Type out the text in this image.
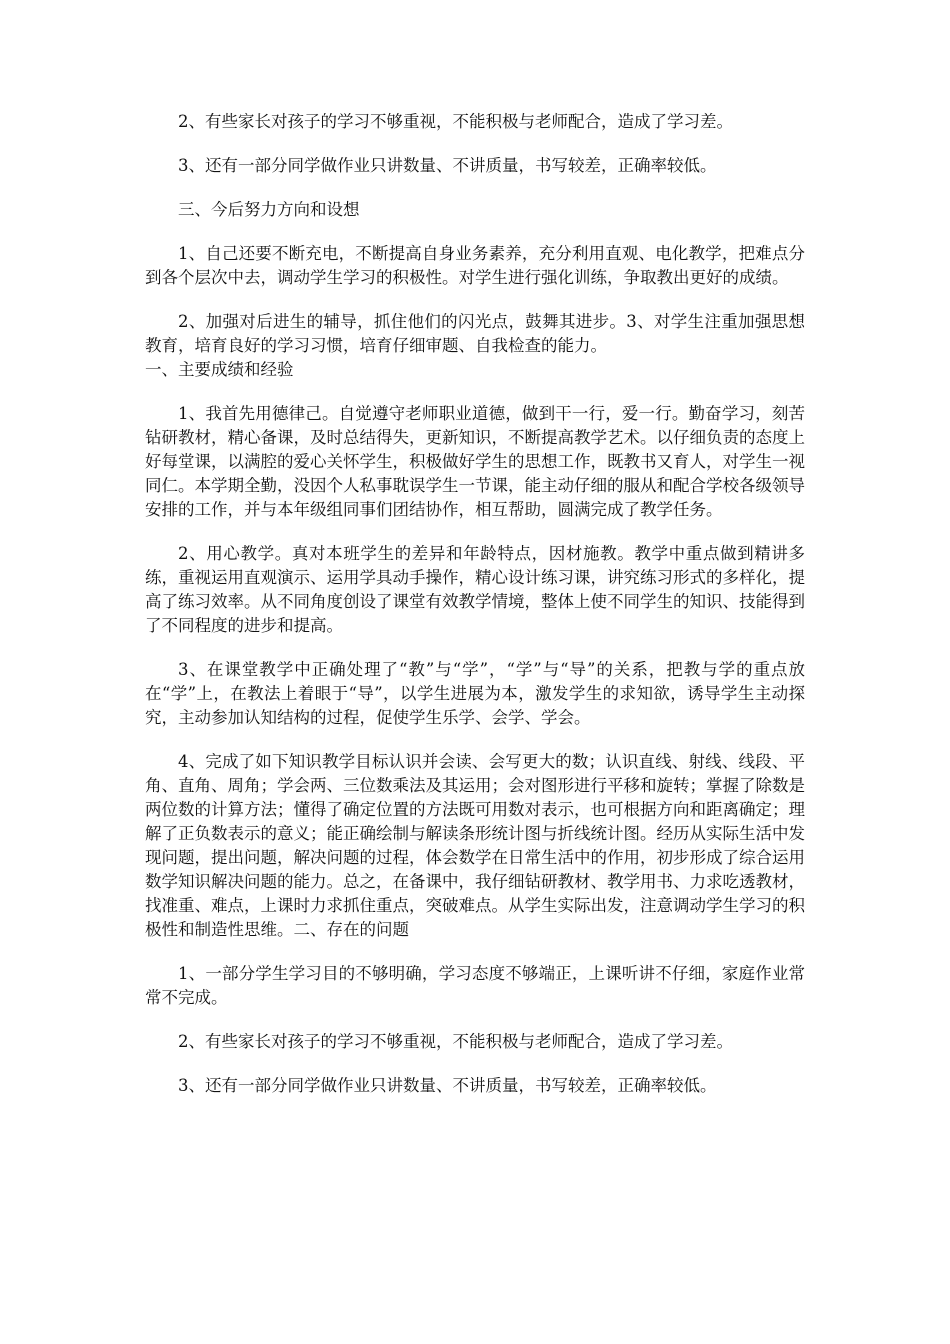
2、有些家长对孩子的学习不够重视，不能积极与老师配合，造成了学习差。

3、还有一部分同学做作业只讲数量、不讲质量，书写较差，正确率较低。

三、今后努力方向和设想

1、自己还要不断充电，不断提高自身业务素养，充分利用直观、电化教学，把难点分到各个层次中去，调动学生学习的积极性。对学生进行强化训练，争取教出更好的成绩。

2、加强对后进生的辅导，抓住他们的闪光点，鼓舞其进步。3、对学生注重加强思想教育，培育良好的学习习惯，培育仔细审题、自我检查的能力。

一、主要成绩和经验

1、我首先用德律己。自觉遵守老师职业道德，做到干一行，爱一行。勤奋学习，刻苦钻研教材，精心备课，及时总结得失，更新知识，不断提高教学艺术。以仔细负责的态度上好每堂课，以满腔的爱心关怀学生，积极做好学生的思想工作，既教书又育人，对学生一视同仁。本学期全勤，没因个人私事耽误学生一节课，能主动仔细的服从和配合学校各级领导安排的工作，并与本年级组同事们团结协作，相互帮助，圆满完成了教学任务。

2、用心教学。真对本班学生的差异和年龄特点，因材施教。教学中重点做到精讲多练，重视运用直观演示、运用学具动手操作，精心设计练习课，讲究练习形式的多样化，提高了练习效率。从不同角度创设了课堂有效教学情境，整体上使不同学生的知识、技能得到了不同程度的进步和提高。

3、在课堂教学中正确处理了“教”与“学”，“学”与“导”的关系，把教与学的重点放在“学”上，在教法上着眼于“导”，以学生进展为本，激发学生的求知欲，诱导学生主动探究，主动参加认知结构的过程，促使学生乐学、会学、学会。

4、完成了如下知识教学目标认识并会读、会写更大的数；认识直线、射线、线段、平角、直角、周角；学会两、三位数乘法及其运用；会对图形进行平移和旋转；掌握了除数是两位数的计算方法；懂得了确定位置的方法既可用数对表示，也可根据方向和距离确定；理解了正负数表示的意义；能正确绘制与解读条形统计图与折线统计图。经历从实际生活中发现问题，提出问题，解决问题的过程，体会数学在日常生活中的作用，初步形成了综合运用数学知识解决问题的能力。总之，在备课中，我仔细钻研教材、教学用书、力求吃透教材，找准重、难点，上课时力求抓住重点，突破难点。从学生实际出发，注意调动学生学习的积极性和制造性思维。二、存在的问题

1、一部分学生学习目的不够明确，学习态度不够端正，上课听讲不仔细，家庭作业常常不完成。

2、有些家长对孩子的学习不够重视，不能积极与老师配合，造成了学习差。

3、还有一部分同学做作业只讲数量、不讲质量，书写较差，正确率较低。
